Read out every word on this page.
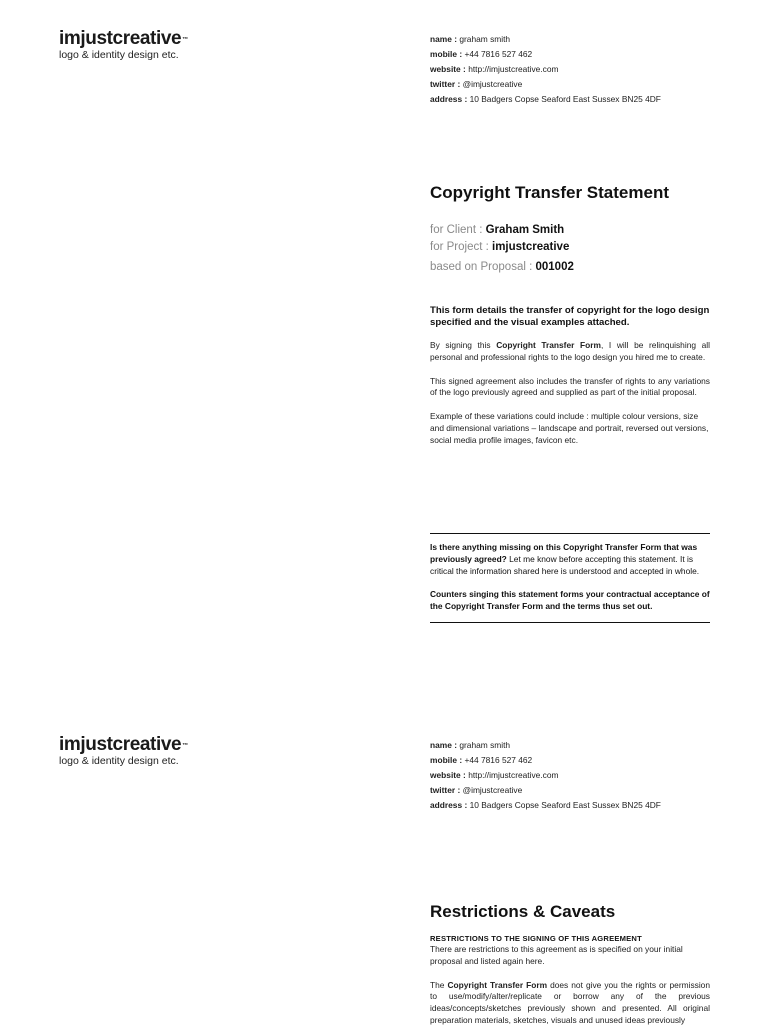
imjustcreative™
logo & identity design etc.
name : graham smith
mobile : +44 7816 527 462
website : http://imjustcreative.com
twitter : @imjustcreative
address : 10 Badgers Copse Seaford East Sussex BN25 4DF
Copyright Transfer Statement
for Client : Graham Smith
for Project : imjustcreative
based on Proposal : 001002
This form details the transfer of copyright for the logo design specified and the visual examples attached.

By signing this Copyright Transfer Form, I will be relinquishing all personal and professional rights to the logo design you hired me to create.

This signed agreement also includes the transfer of rights to any variations of the logo previously agreed and supplied as part of the initial proposal.

Example of these variations could include : multiple colour versions, size and dimensional variations – landscape and portrait, reversed out versions, social media profile images, favicon etc.

Is there anything missing on this Copyright Transfer Form that was previously agreed? Let me know before accepting this statement. It is critical the information shared here is understood and accepted in whole.
Counters singing this statement forms your contractual acceptance of the Copyright Transfer Form and the terms thus set out.
imjustcreative™
logo & identity design etc.
name : graham smith
mobile : +44 7816 527 462
website : http://imjustcreative.com
twitter : @imjustcreative
address : 10 Badgers Copse Seaford East Sussex BN25 4DF
Restrictions & Caveats
RESTRICTIONS TO THE SIGNING OF THIS AGREEMENT

There are restrictions to this agreement as is specified on your initial proposal and listed again here.

The Copyright Transfer Form does not give you the rights or permission to use/modify/alter/replicate or borrow any of the previous ideas/concepts/sketches previously shown and presented. All original preparation materials, sketches, visuals and unused ideas previously
